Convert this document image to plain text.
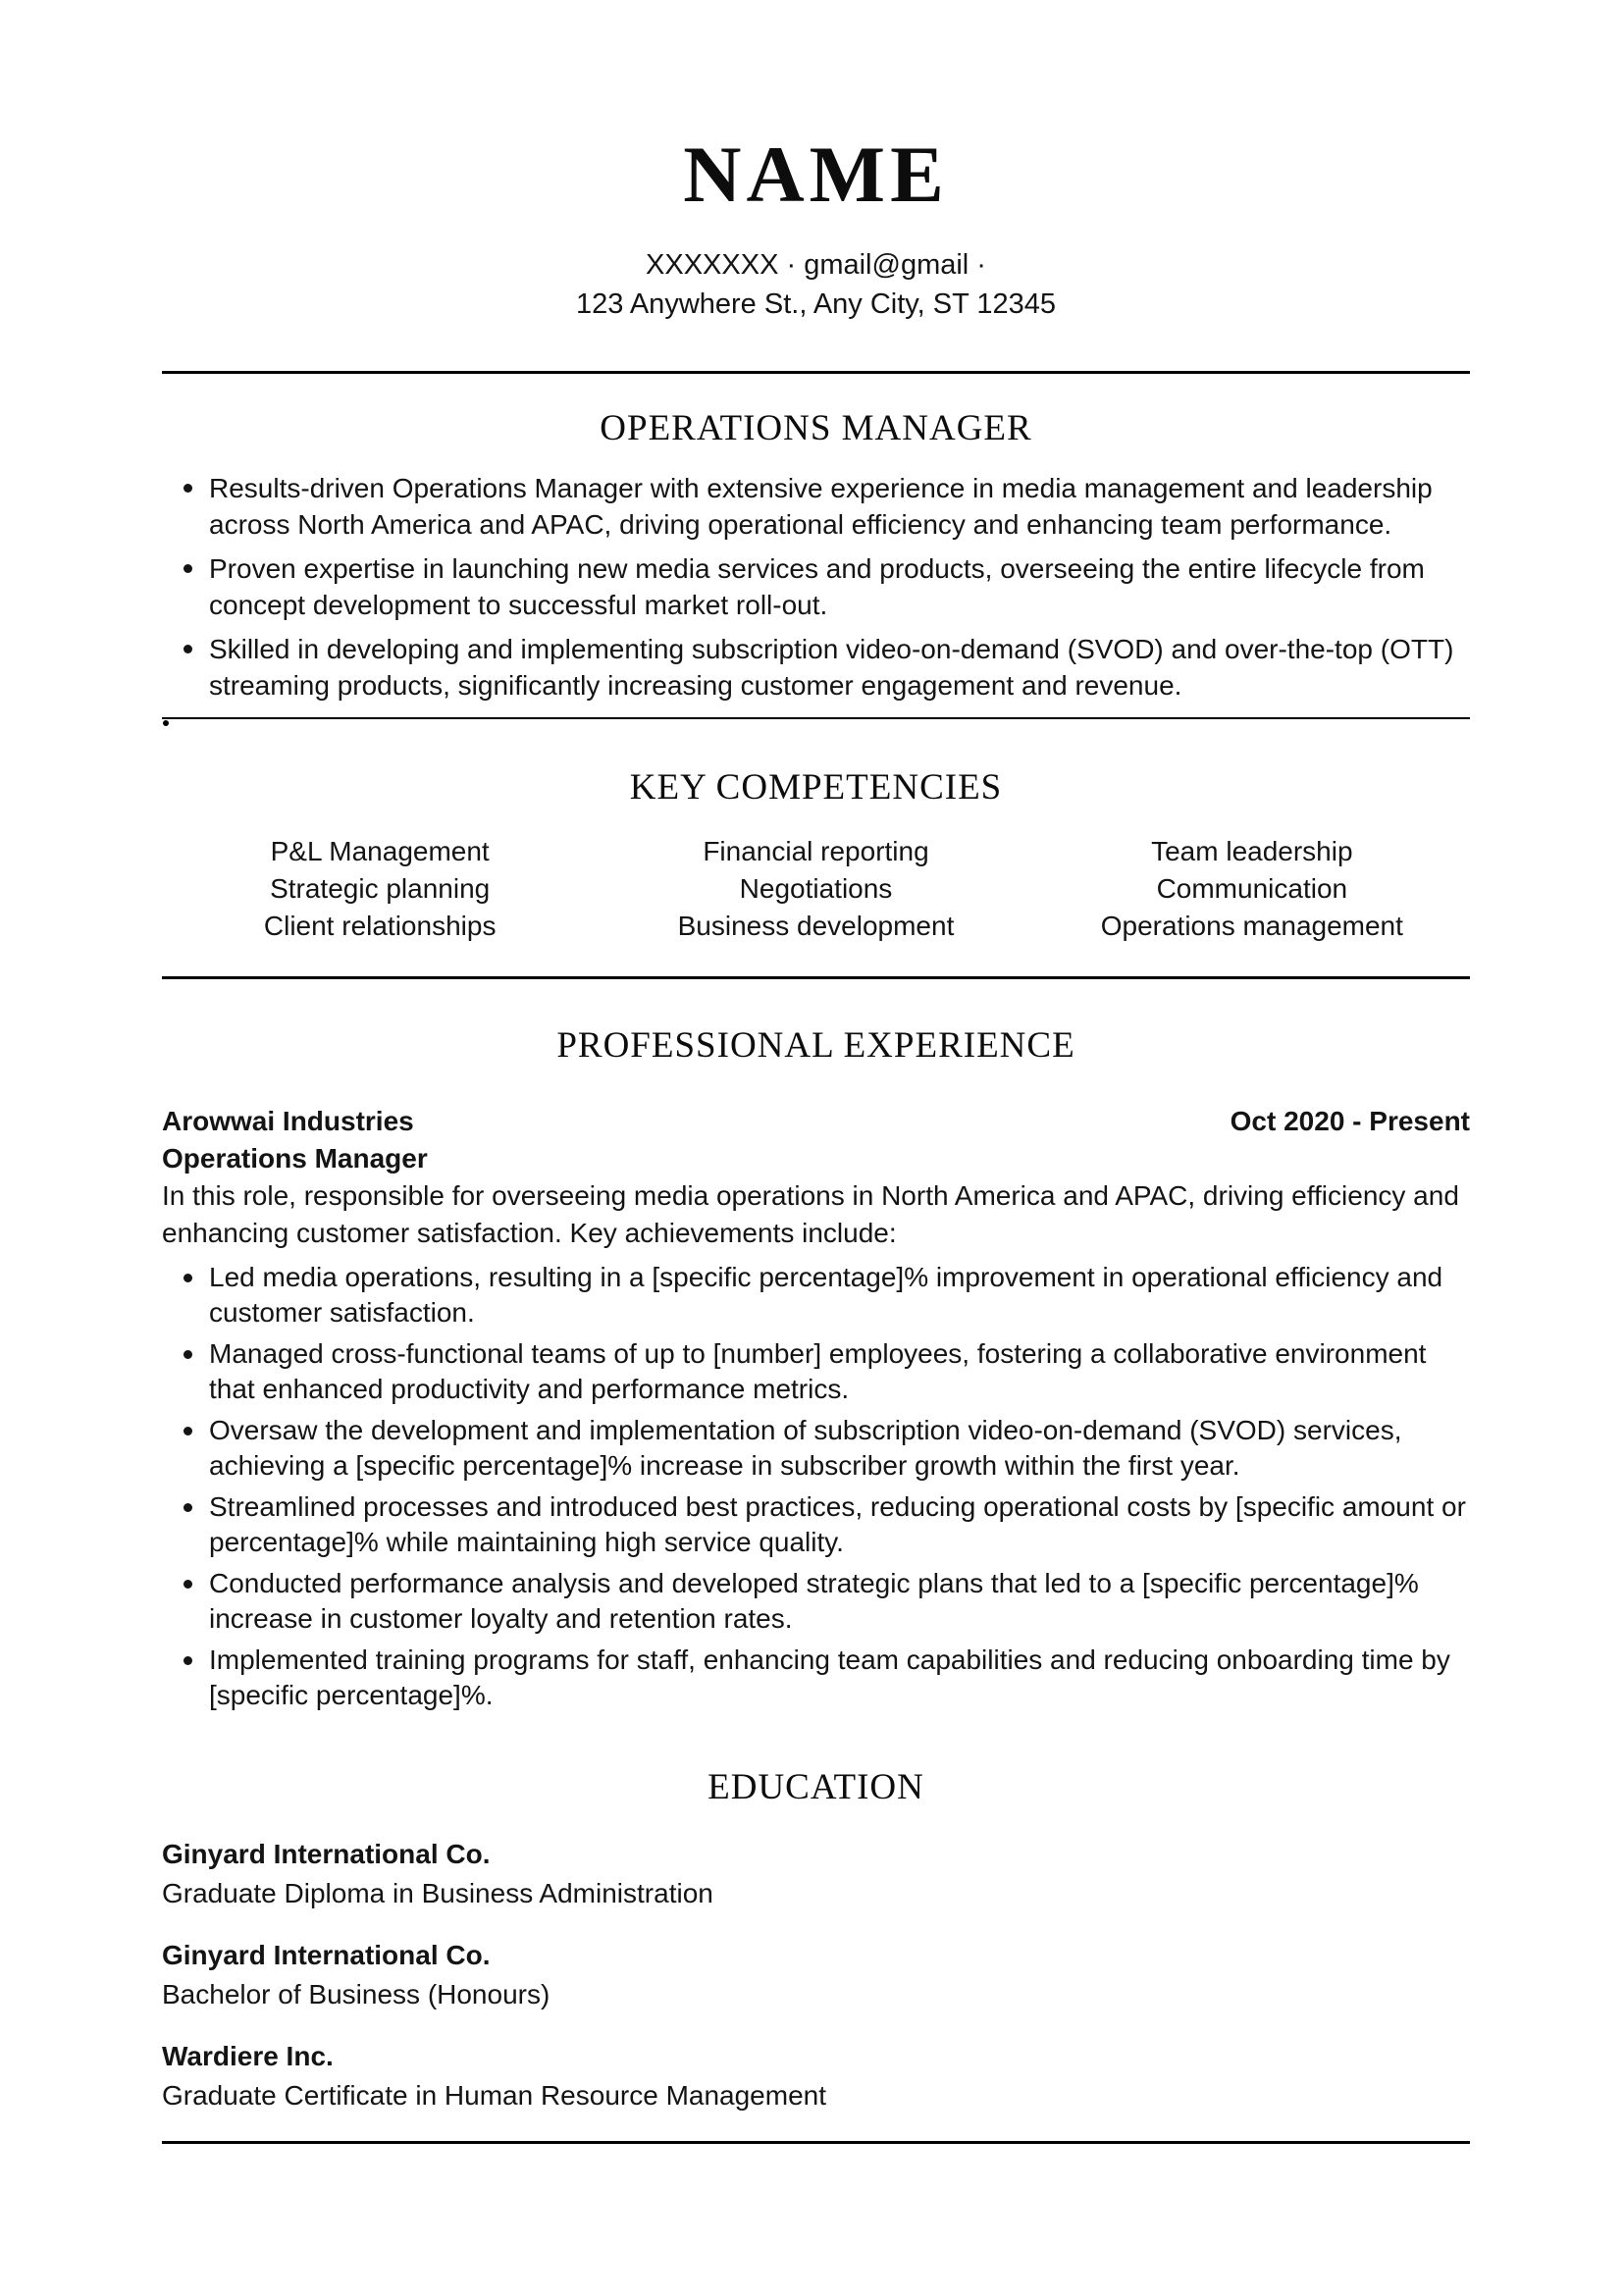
NAME
XXXXXXX · gmail@gmail ·
123 Anywhere St., Any City, ST 12345
OPERATIONS MANAGER
Results-driven Operations Manager with extensive experience in media management and leadership across North America and APAC, driving operational efficiency and enhancing team performance.
Proven expertise in launching new media services and products, overseeing the entire lifecycle from concept development to successful market roll-out.
Skilled in developing and implementing subscription video-on-demand (SVOD) and over-the-top (OTT) streaming products, significantly increasing customer engagement and revenue.
KEY COMPETENCIES
P&L Management	Financial reporting	Team leadership
Strategic planning	Negotiations	Communication
Client relationships	Business development	Operations management
PROFESSIONAL EXPERIENCE
Arowwai Industries	Oct 2020 - Present
Operations Manager
In this role, responsible for overseeing media operations in North America and APAC, driving efficiency and enhancing customer satisfaction. Key achievements include:
Led media operations, resulting in a [specific percentage]% improvement in operational efficiency and customer satisfaction.
Managed cross-functional teams of up to [number] employees, fostering a collaborative environment that enhanced productivity and performance metrics.
Oversaw the development and implementation of subscription video-on-demand (SVOD) services, achieving a [specific percentage]% increase in subscriber growth within the first year.
Streamlined processes and introduced best practices, reducing operational costs by [specific amount or percentage]% while maintaining high service quality.
Conducted performance analysis and developed strategic plans that led to a [specific percentage]% increase in customer loyalty and retention rates.
Implemented training programs for staff, enhancing team capabilities and reducing onboarding time by [specific percentage]%.
EDUCATION
Ginyard International Co.
Graduate Diploma in Business Administration
Ginyard International Co.
Bachelor of Business (Honours)
Wardiere Inc.
Graduate Certificate in Human Resource Management
